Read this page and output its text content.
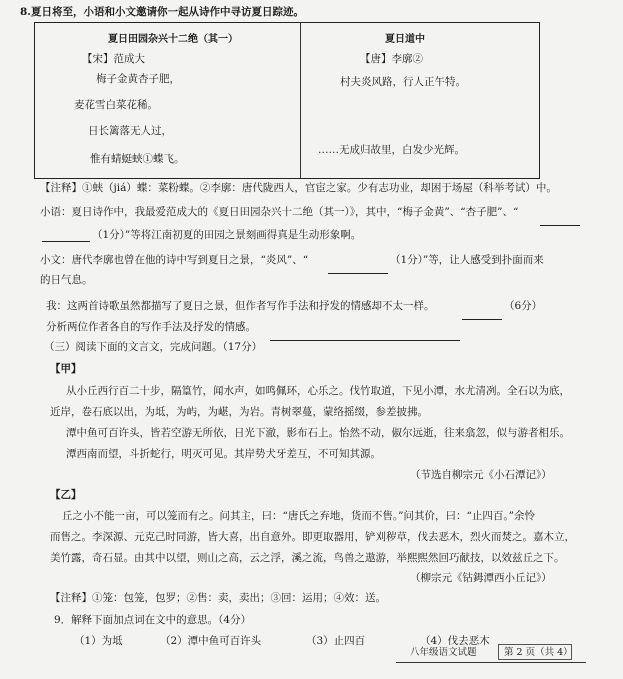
8.夏日将至，小语和小文邀请你一起从诗作中寻访夏日踪迹。
夏日田园杂兴十二绝（其一）
【宋】范成大
梅子金黄杏子肥，
麦花雪白菜花稀。
日长篱落无人过，
惟有蜻蜓蛱①蝶飞。
夏日道中
【唐】李廓②
村夫炎风路，行人正午特。
……无成归故里，白发少光辉。
【注释】①蛱（jiá）蝶：菜粉蝶。②李廓：唐代陇西人，官宦之家。少有志功业，却困于场屋（科举考试）中。
小语：夏日诗作中，我最爱范成大的《夏日田园杂兴十二绝（其一）》，其中，“梅子金黄”、“杏子肥”、“
（1分）”等将江南初夏的田园之景刻画得真是生动形象啊。
小文：唐代李廓也曾在他的诗中写到夏日之景，“炎风”、“	（1分）”等，让人感受到扑面而来
的日气息。
我：这两首诗歌虽然都描写了夏日之景，但作者写作手法和抒发的情感却不太一样。	（6分）
分析两位作者各自的写作手法及抒发的情感。
（三）阅读下面的文言文，完成问题。（17分）
【甲】
从小丘西行百二十步，隔篁竹，闻水声，如鸣佩环，心乐之。伐竹取道，下见小潭，水尤清冽。全石以为底，
近岸，卷石底以出，为坻，为屿，为嵁，为岩。青树翠蔓，蒙络摇缀，参差披拂。
潭中鱼可百许头，皆若空游无所依，日光下澈，影布石上。怡然不动，俶尔远逝，往来翕忽，似与游者相乐。
潭西南而望，斗折蛇行，明灭可见。其岸势犬牙差互，不可知其源。
（节选自柳宗元《小石潭记》）
【乙】
丘之小不能一亩，可以笼而有之。问其主，曰：“唐氏之弃地，货而不售。”问其价，曰：“止四百。”余怜
而售之。李深源、元克己时同游，皆大喜，出自意外。即更取器用，铲刈秽草，伐去恶木，烈火而焚之。嘉木立，
美竹露，奇石显。由其中以望，则山之高，云之浮，溪之流，鸟兽之遨游，举熙熙然回巧献技，以效兹丘之下。
（柳宗元《钴鉧潭西小丘记》）
【注释】①笼：包笼，包罗；②售：卖，卖出；③回：运用；④效：送。
9．解释下面加点词在文中的意思。（4分）
（1）为坻	（2）潭中鱼可百许头	（3）止四百	（4）伐去恶木
八年级语文试题	第 2 页（共 4）
